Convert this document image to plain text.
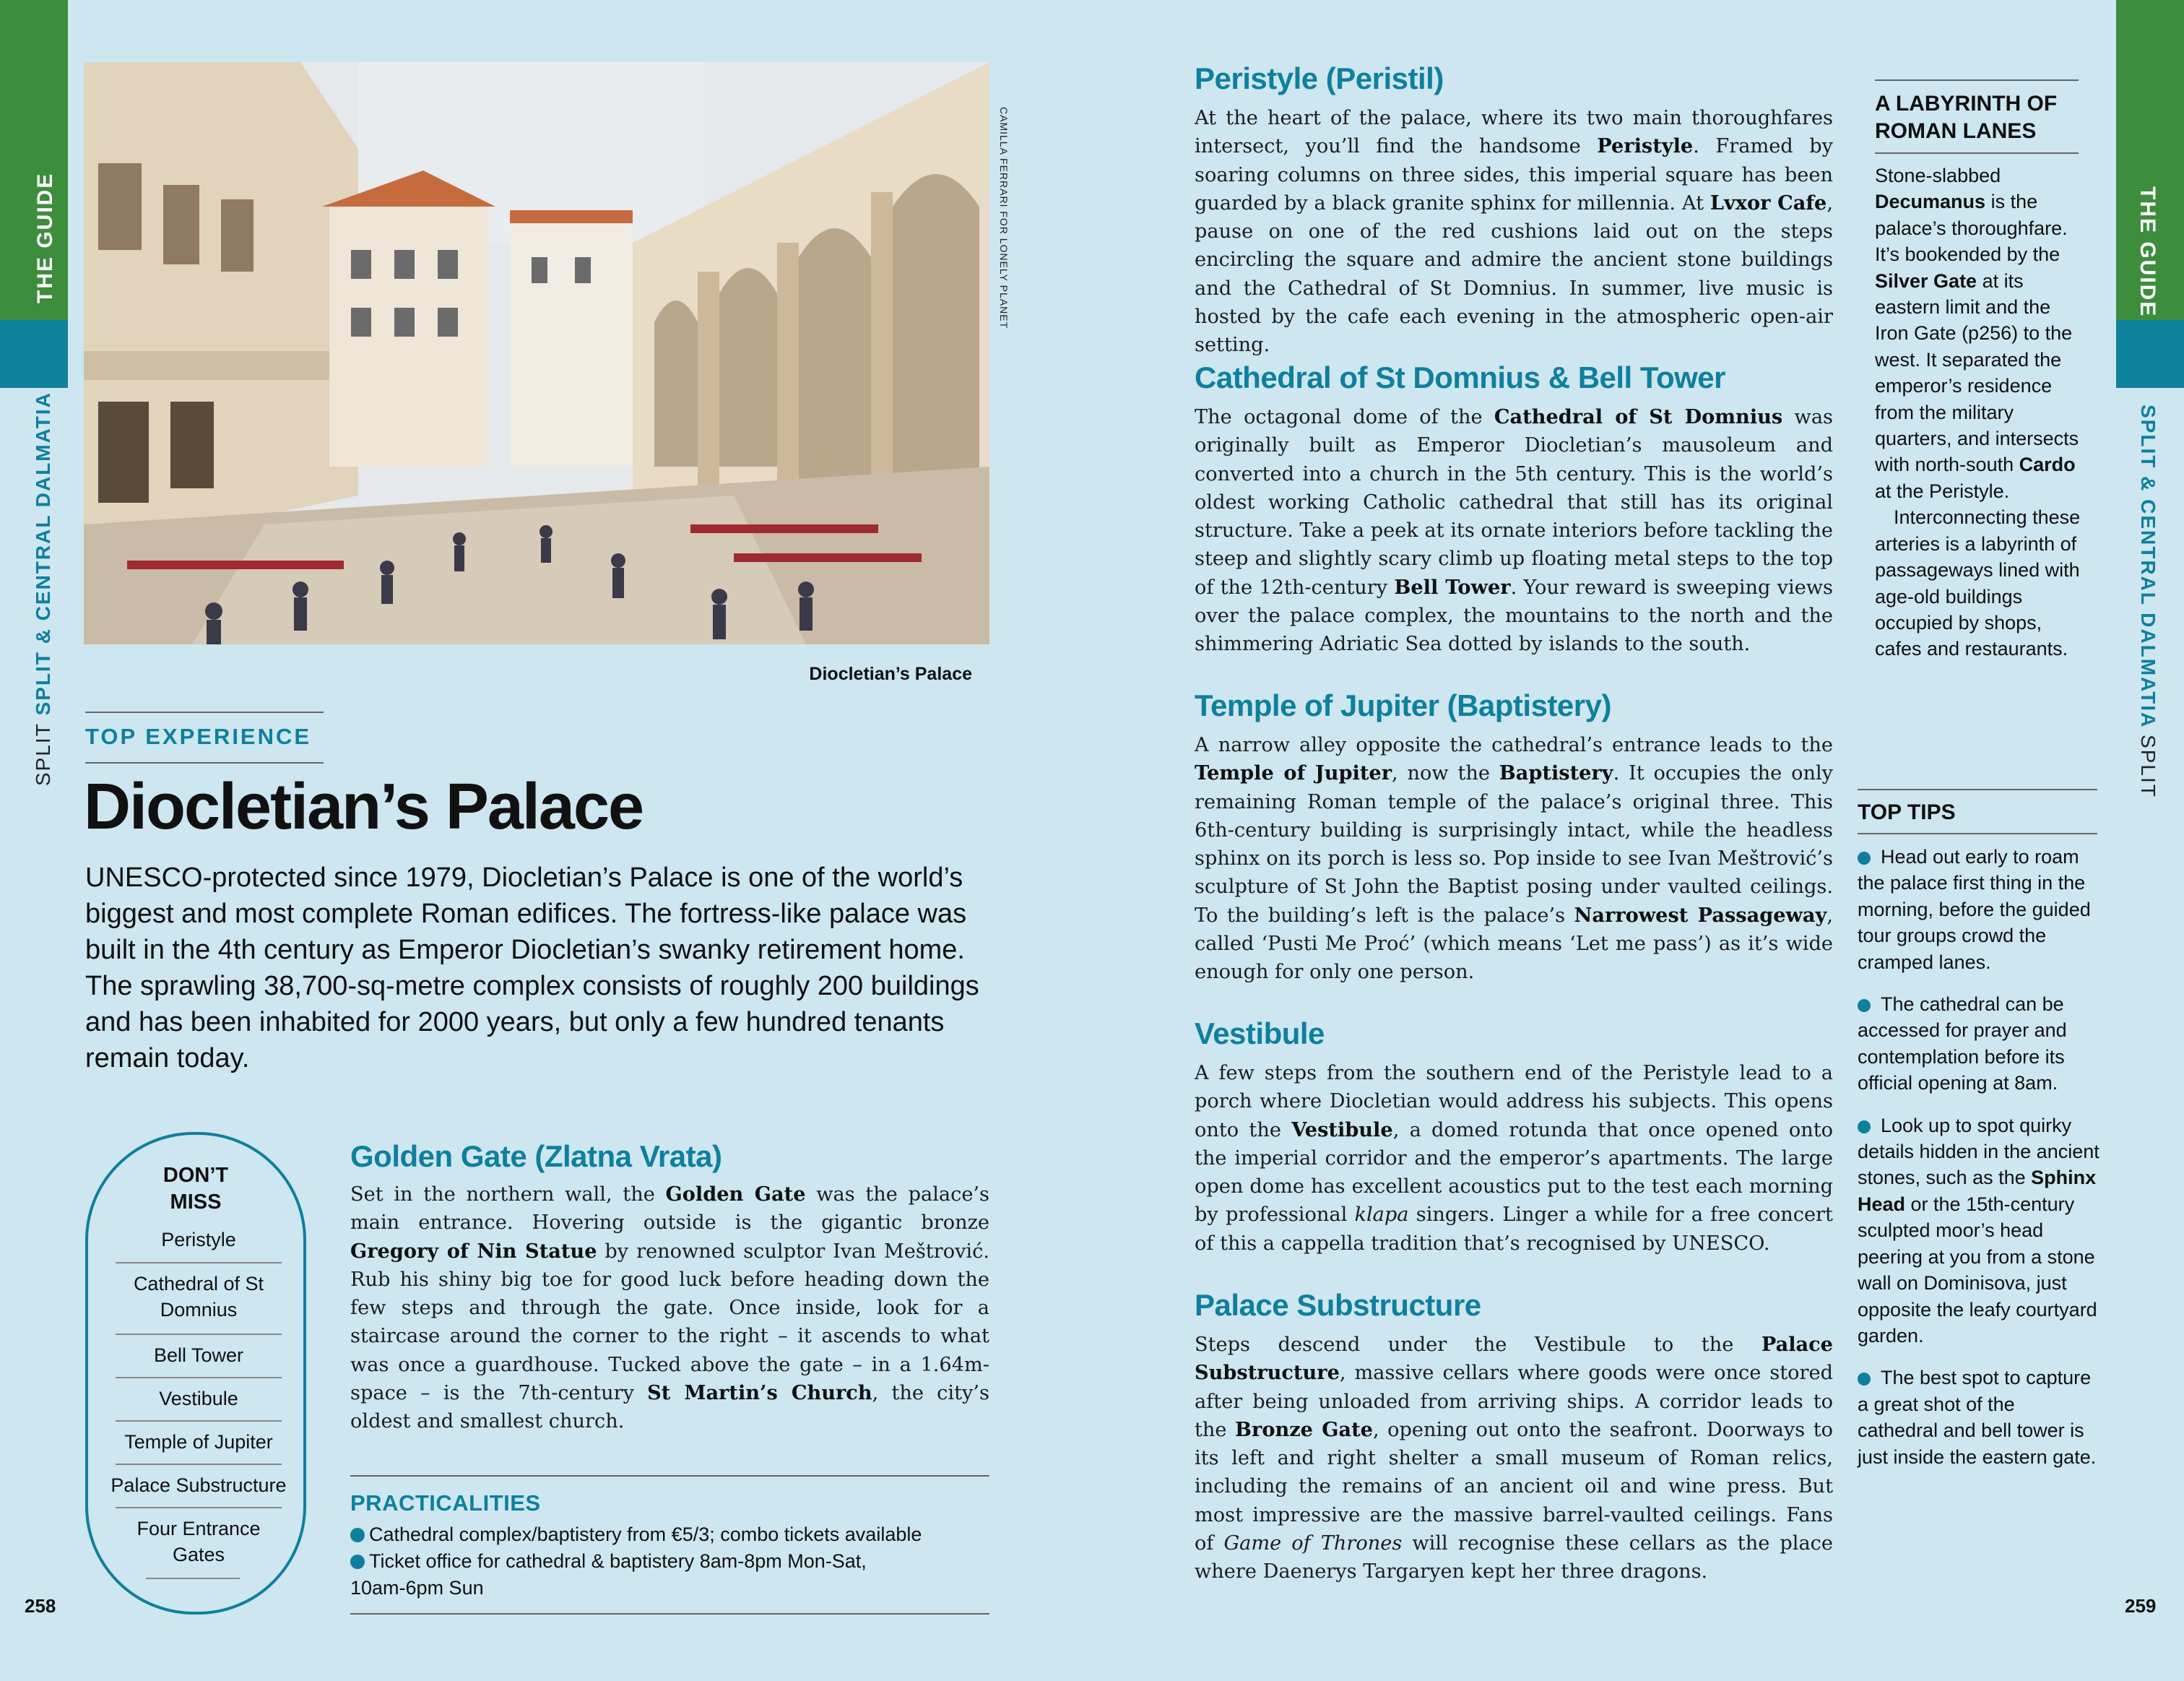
THE GUIDE
SPLIT SPLIT & CENTRAL DALMATIA
THE GUIDE
SPLIT & CENTRAL DALMATIA SPLIT
CAMILLA FERRARI FOR LONELY PLANET
Diocletian’s Palace
TOP EXPERIENCE
Diocletian’s Palace

UNESCO-protected since 1979, Diocletian’s Palace is one of the world’s biggest and most complete Roman edifices. The fortress-like palace was built in the 4th century as Emperor Diocletian’s swanky retirement home. The sprawling 38,700-sq-metre complex consists of roughly 200 buildings and has been inhabited for 2000 years, but only a few hundred tenants remain today.

DON’T
MISS
Peristyle
Cathedral of St Domnius
Bell Tower
Vestibule
Temple of Jupiter
Palace Substructure
Four Entrance Gates
Golden Gate (Zlatna Vrata)

Set in the northern wall, the Golden Gate was the palace’s main entrance. Hovering outside is the gigantic bronze Gregory of Nin Statue by renowned sculptor Ivan Meštrović. Rub his shiny big toe for good luck before heading down the few steps and through the gate. Once inside, look for a staircase around the corner to the right – it ascends to what was once a guardhouse. Tucked above the gate – in a 1.64m-space – is the 7th-century St Martin’s Church, the city’s oldest and smallest church.

PRACTICALITIES
Cathedral complex/baptistery from €5/3; combo tickets available
Ticket office for cathedral & baptistery 8am-8pm Mon-Sat, 10am-6pm Sun
Peristyle (Peristil)

At the heart of the palace, where its two main thoroughfares intersect, you’ll find the handsome Peristyle. Framed by soaring columns on three sides, this imperial square has been guarded by a black granite sphinx for millennia. At Lvxor Cafe, pause on one of the red cushions laid out on the steps encircling the square and admire the ancient stone buildings and the Cathedral of St Domnius. In summer, live music is hosted by the cafe each evening in the atmospheric open-air setting.

Cathedral of St Domnius & Bell Tower

The octagonal dome of the Cathedral of St Domnius was originally built as Emperor Diocletian’s mausoleum and converted into a church in the 5th century. This is the world’s oldest working Catholic cathedral that still has its original structure. Take a peek at its ornate interiors before tackling the steep and slightly scary climb up floating metal steps to the top of the 12th-century Bell Tower. Your reward is sweeping views over the palace complex, the mountains to the north and the shimmering Adriatic Sea dotted by islands to the south.

Temple of Jupiter (Baptistery)

A narrow alley opposite the cathedral’s entrance leads to the Temple of Jupiter, now the Baptistery. It occupies the only remaining Roman temple of the palace’s original three. This 6th-century building is surprisingly intact, while the headless sphinx on its porch is less so. Pop inside to see Ivan Meštrović’s sculpture of St John the Baptist posing under vaulted ceilings. To the building’s left is the palace’s Narrowest Passageway, called ‘Pusti Me Proć’ (which means ‘Let me pass’) as it’s wide enough for only one person.

Vestibule

A few steps from the southern end of the Peristyle lead to a porch where Diocletian would address his subjects. This opens onto the Vestibule, a domed rotunda that once opened onto the imperial corridor and the emperor’s apartments. The large open dome has excellent acoustics put to the test each morning by professional klapa singers. Linger a while for a free concert of this a cappella tradition that’s recognised by UNESCO.

Palace Substructure

Steps descend under the Vestibule to the Palace Substructure, massive cellars where goods were once stored after being unloaded from arriving ships. A corridor leads to the Bronze Gate, opening out onto the seafront. Doorways to its left and right shelter a small museum of Roman relics, including the remains of an ancient oil and wine press. But most impressive are the massive barrel-vaulted ceilings. Fans of Game of Thrones will recognise these cellars as the place where Daenerys Targaryen kept her three dragons.

A LABYRINTH OF
ROMAN LANES
Stone-slabbed Decumanus is the palace’s thoroughfare. It’s bookended by the Silver Gate at its eastern limit and the Iron Gate (p256) to the west. It separated the emperor’s residence from the military quarters, and intersects with north-south Cardo at the Peristyle.
Interconnecting these arteries is a labyrinth of passageways lined with age-old buildings occupied by shops, cafes and restaurants.
TOP TIPS
Head out early to roam the palace first thing in the morning, before the guided tour groups crowd the cramped lanes.
The cathedral can be accessed for prayer and contemplation before its official opening at 8am.
Look up to spot quirky details hidden in the ancient stones, such as the Sphinx Head or the 15th-century sculpted moor’s head peering at you from a stone wall on Dominisova, just opposite the leafy courtyard garden.
The best spot to capture a great shot of the cathedral and bell tower is just inside the eastern gate.
258	259
